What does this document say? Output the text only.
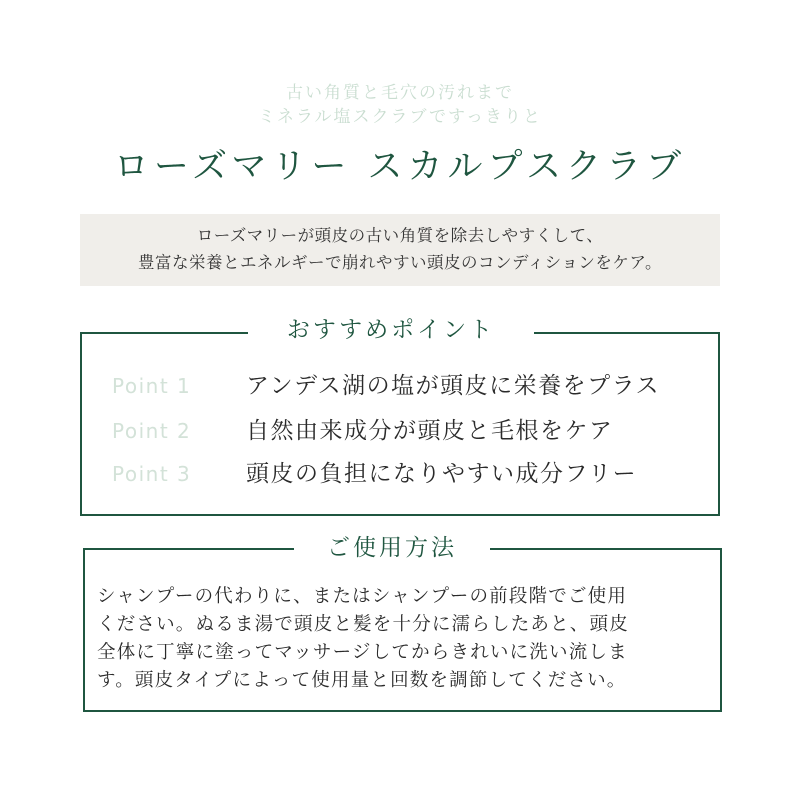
古い角質と毛穴の汚れまで
ミネラル塩スクラブですっきりと
ローズマリー スカルプスクラブ
ローズマリーが頭皮の古い角質を除去しやすくして、
豊富な栄養とエネルギーで崩れやすい頭皮のコンディションをケア。
おすすめポイント
Point 1 アンデス湖の塩が頭皮に栄養をプラス
Point 2 自然由来成分が頭皮と毛根をケア
Point 3 頭皮の負担になりやすい成分フリー
ご使用方法
シャンプーの代わりに、またはシャンプーの前段階でご使用
ください。ぬるま湯で頭皮と髪を十分に濡らしたあと、頭皮
全体に丁寧に塗ってマッサージしてからきれいに洗い流しま
す。頭皮タイプによって使用量と回数を調節してください。
